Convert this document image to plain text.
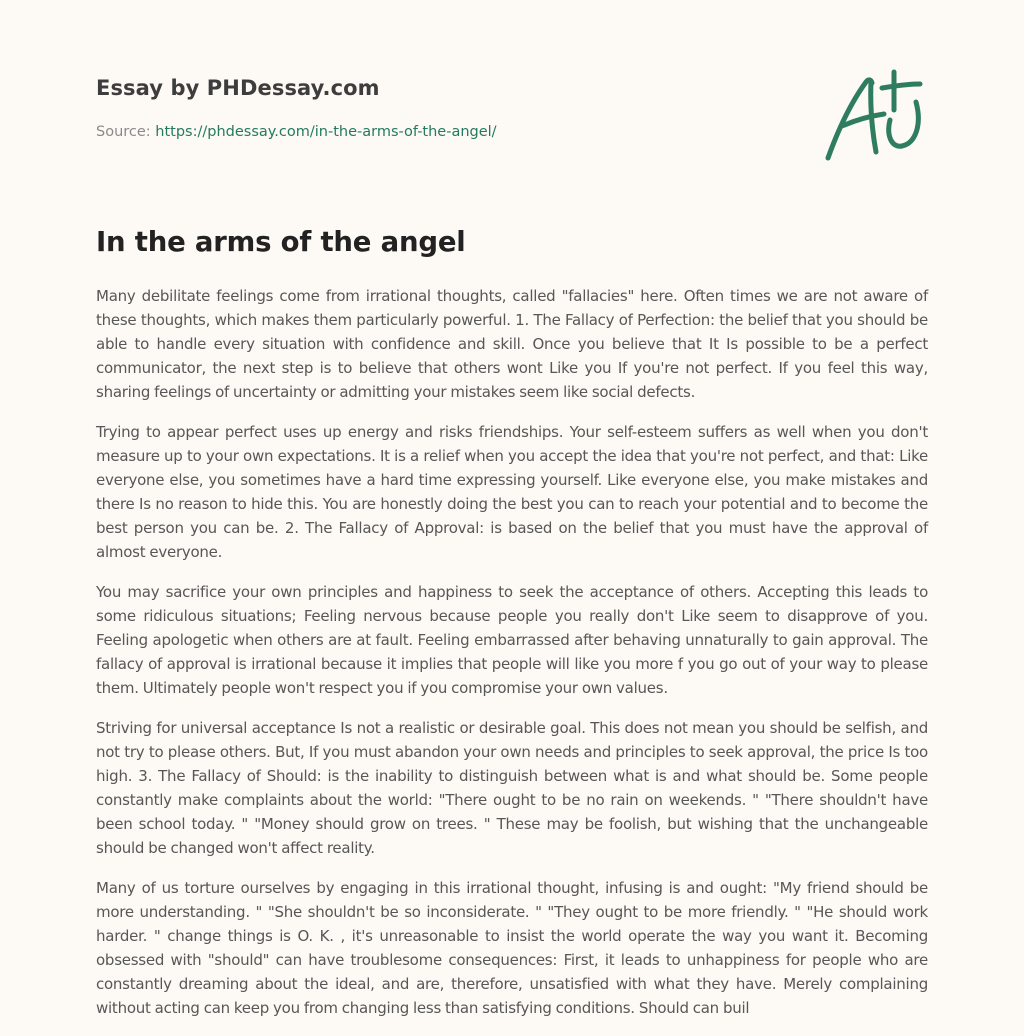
Essay by PHDessay.com
Source: https://phdessay.com/in-the-arms-of-the-angel/
In the arms of the angel

Many debilitate feelings come from irrational thoughts, called "fallacies" here. Often times we are not aware of these thoughts, which makes them particularly powerful. 1. The Fallacy of Perfection: the belief that you should be able to handle every situation with confidence and skill. Once you believe that It Is possible to be a perfect communicator, the next step is to believe that others wont Like you If you're not perfect. If you feel this way, sharing feelings of uncertainty or admitting your mistakes seem like social defects.

Trying to appear perfect uses up energy and risks friendships. Your self-esteem suffers as well when you don't measure up to your own expectations. It is a relief when you accept the idea that you're not perfect, and that: Like everyone else, you sometimes have a hard time expressing yourself. Like everyone else, you make mistakes and there Is no reason to hide this. You are honestly doing the best you can to reach your potential and to become the best person you can be. 2. The Fallacy of Approval: is based on the belief that you must have the approval of almost everyone.

You may sacrifice your own principles and happiness to seek the acceptance of others. Accepting this leads to some ridiculous situations; Feeling nervous because people you really don't Like seem to disapprove of you. Feeling apologetic when others are at fault. Feeling embarrassed after behaving unnaturally to gain approval. The fallacy of approval is irrational because it implies that people will like you more f you go out of your way to please them. Ultimately people won't respect you if you compromise your own values.

Striving for universal acceptance Is not a realistic or desirable goal. This does not mean you should be selfish, and not try to please others. But, If you must abandon your own needs and principles to seek approval, the price Is too high. 3. The Fallacy of Should: is the inability to distinguish between what is and what should be. Some people constantly make complaints about the world: "There ought to be no rain on weekends. " "There shouldn't have been school today. " "Money should grow on trees. " These may be foolish, but wishing that the unchangeable should be changed won't affect reality.

Many of us torture ourselves by engaging in this irrational thought, infusing is and ought: "My friend should be more understanding. " "She shouldn't be so inconsiderate. " "They ought to be more friendly. " "He should work harder. " change things is O. K. , it's unreasonable to insist the world operate the way you want it. Becoming obsessed with "should" can have troublesome consequences: First, it leads to unhappiness for people who are constantly dreaming about the ideal, and are, therefore, unsatisfied with what they have. Merely complaining without acting can keep you from changing less than satisfying conditions. Should can buil
